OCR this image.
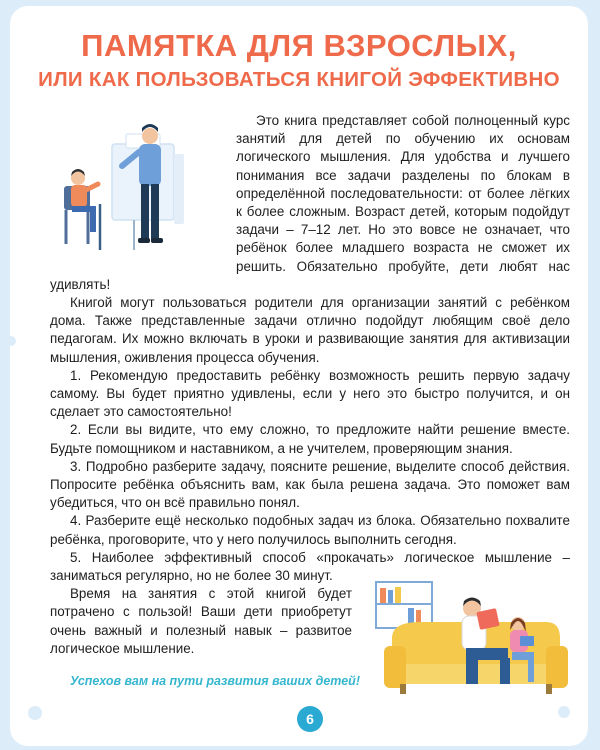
ПАМЯТКА ДЛЯ ВЗРОСЛЫХ,
ИЛИ КАК ПОЛЬЗОВАТЬСЯ КНИГОЙ ЭФФЕКТИВНО

Это книга представляет собой полноценный курс занятий для детей по обучению их основам логического мышления. Для удобства и лучшего понимания все задачи разделены по блокам в определённой последовательности: от более лёгких к более сложным. Возраст детей, которым подойдут задачи – 7–12 лет. Но это вовсе не означает, что ребёнок более младшего возраста не сможет их решить. Обязательно пробуйте, дети любят нас удивлять!

Книгой могут пользоваться родители для организации занятий с ребёнком дома. Также представленные задачи отлично подойдут любящим своё дело педагогам. Их можно включать в уроки и развивающие занятия для активизации мышления, оживления процесса обучения.

1. Рекомендую предоставить ребёнку возможность решить первую задачу самому. Вы будет приятно удивлены, если у него это быстро получится, и он сделает это самостоятельно!

2. Если вы видите, что ему сложно, то предложите найти решение вместе. Будьте помощником и наставником, а не учителем, проверяющим знания.

3. Подробно разберите задачу, поясните решение, выделите способ действия. Попросите ребёнка объяснить вам, как была решена задача. Это поможет вам убедиться, что он всё правильно понял.

4. Разберите ещё несколько подобных задач из блока. Обязательно похвалите ребёнка, проговорите, что у него получилось выполнить сегодня.

5. Наиболее эффективный способ «прокачать» логическое мышление – заниматься регулярно, но не более 30 минут.

Время на занятия с этой книгой будет потрачено с пользой! Ваши дети приобретут очень важный и полезный навык – развитое логическое мышление.

Успехов вам на пути развития ваших детей!
6
